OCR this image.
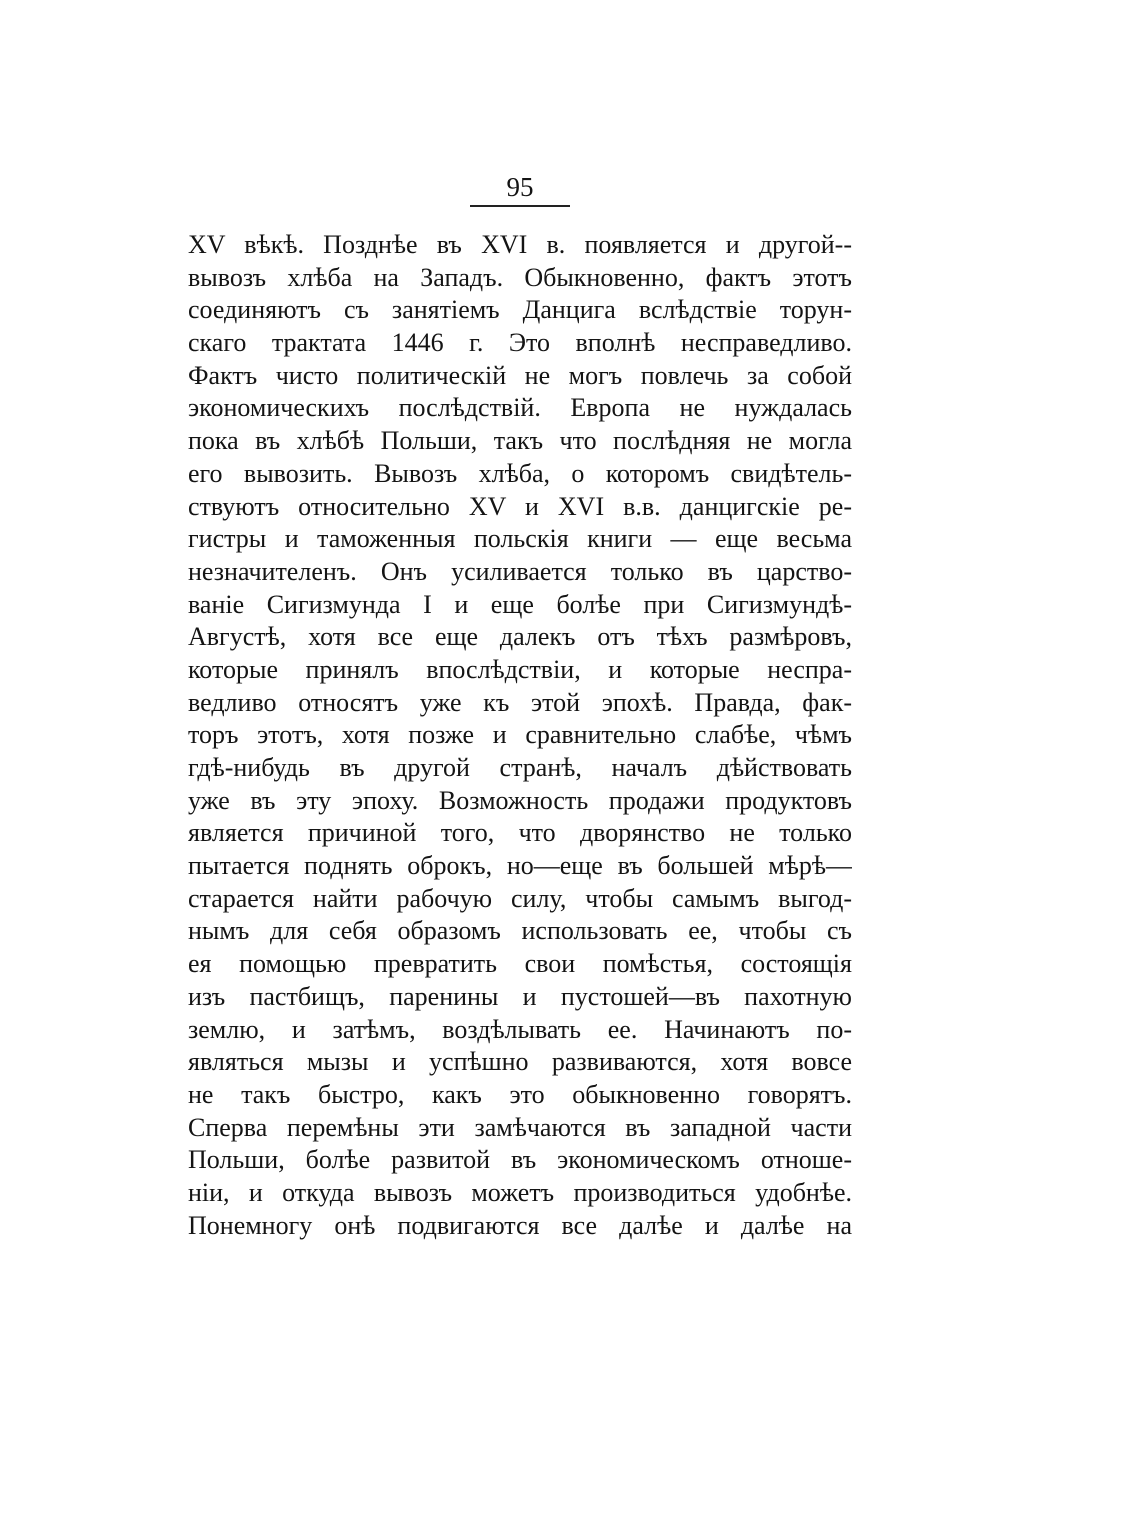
95
XV вѣкѣ. Позднѣе въ XVI в. появляется и другой--
вывозъ хлѣба на Западъ. Обыкновенно, фактъ этотъ
соединяютъ съ занятіемъ Данцига вслѣдствіе торун-
скаго трактата 1446 г. Это вполнѣ несправедливо.
Фактъ чисто политическій не могъ повлечь за собой
экономическихъ послѣдствій. Европа не нуждалась
пока въ хлѣбѣ Польши, такъ что послѣдняя не могла
его вывозить. Вывозъ хлѣба, о которомъ свидѣтель-
ствуютъ относительно XV и XVI в.в. данцигскіе ре-
гистры и таможенныя польскія книги — еще весьма
незначителенъ. Онъ усиливается только въ царство-
ваніе Сигизмунда I и еще болѣе при Сигизмундѣ-
Августѣ, хотя все еще далекъ отъ тѣхъ размѣровъ,
которые принялъ впослѣдствіи, и которые неспра-
ведливо относятъ уже къ этой эпохѣ. Правда, фак-
торъ этотъ, хотя позже и сравнительно слабѣе, чѣмъ
гдѣ-нибудь въ другой странѣ, началъ дѣйствовать
уже въ эту эпоху. Возможность продажи продуктовъ
является причиной того, что дворянство не только
пытается поднять оброкъ, но—еще въ большей мѣрѣ—
старается найти рабочую силу, чтобы самымъ выгод-
нымъ для себя образомъ использовать ее, чтобы съ
ея помощью превратить свои помѣстья, состоящія
изъ пастбищъ, паренины и пустошей—въ пахотную
землю, и затѣмъ, воздѣлывать ее. Начинаютъ по-
являться мызы и успѣшно развиваются, хотя вовсе
не такъ быстро, какъ это обыкновенно говорятъ.
Сперва перемѣны эти замѣчаются въ западной части
Польши, болѣе развитой въ экономическомъ отноше-
ніи, и откуда вывозъ можетъ производиться удобнѣе.
Понемногу онѣ подвигаются все далѣе и далѣе на
